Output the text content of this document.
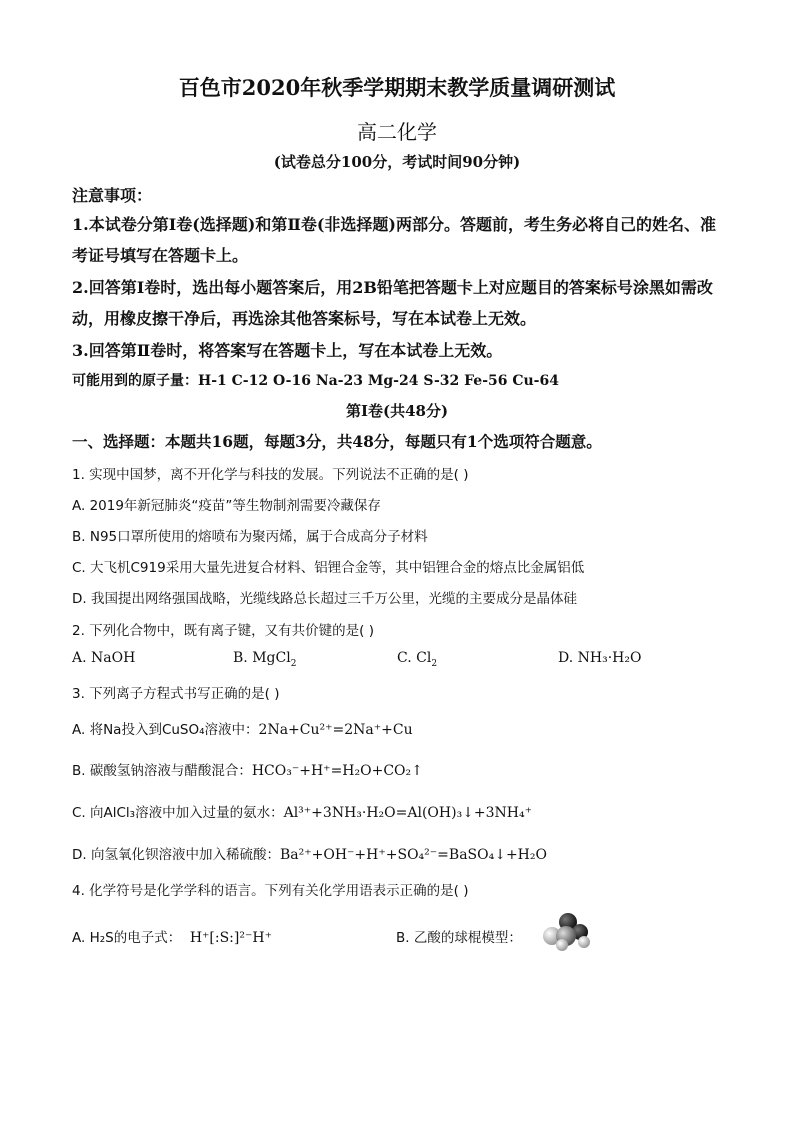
百色市2020年秋季学期期末教学质量调研测试
高二化学
(试卷总分100分，考试时间90分钟)
注意事项：
1.本试卷分第Ⅰ卷(选择题)和第Ⅱ卷(非选择题)两部分。答题前，考生务必将自己的姓名、准
考证号填写在答题卡上。
2.回答第Ⅰ卷时，选出每小题答案后，用2B铅笔把答题卡上对应题目的答案标号涂黑如需改
动，用橡皮擦干净后，再选涂其他答案标号，写在本试卷上无效。
3.回答第Ⅱ卷时，将答案写在答题卡上，写在本试卷上无效。
可能用到的原子量：H-1 C-12 O-16 Na-23 Mg-24 S-32 Fe-56 Cu-64
第Ⅰ卷(共48分)
一、选择题：本题共16题，每题3分，共48分，每题只有1个选项符合题意。
1. 实现中国梦，离不开化学与科技的发展。下列说法不正确的是( )
A. 2019年新冠肺炎“疫苗”等生物制剂需要冷藏保存
B. N95口罩所使用的熔喷布为聚丙烯，属于合成高分子材料
C. 大飞机C919采用大量先进复合材料、铝锂合金等，其中铝锂合金的熔点比金属铝低
D. 我国提出网络强国战略，光缆线路总长超过三千万公里，光缆的主要成分是晶体硅
2. 下列化合物中，既有离子键，又有共价键的是( )
A. NaOH	B. MgCl$_2$	C. $Cl_2$	D. NH₃·H₂O
3. 下列离子方程式书写正确的是( )
A. 将Na投入到CuSO₄溶液中：2Na+Cu²⁺=2Na⁺+Cu
B. 碳酸氢钠溶液与醋酸混合：HCO₃⁻+H⁺=H₂O+CO₂↑
C. 向AlCl₃溶液中加入过量的氨水：Al³⁺+3NH₃·H₂O=Al(OH)₃↓+3NH₄⁺
D. 向氢氧化钡溶液中加入稀硫酸：Ba²⁺+OH⁻+H⁺+SO₄²⁻=BaSO₄↓+H₂O
4. 化学符号是化学学科的语言。下列有关化学用语表示正确的是( )
A. H₂S的电子式： H⁺[:S:]²⁻H⁺	B. 乙酸的球棍模型：
